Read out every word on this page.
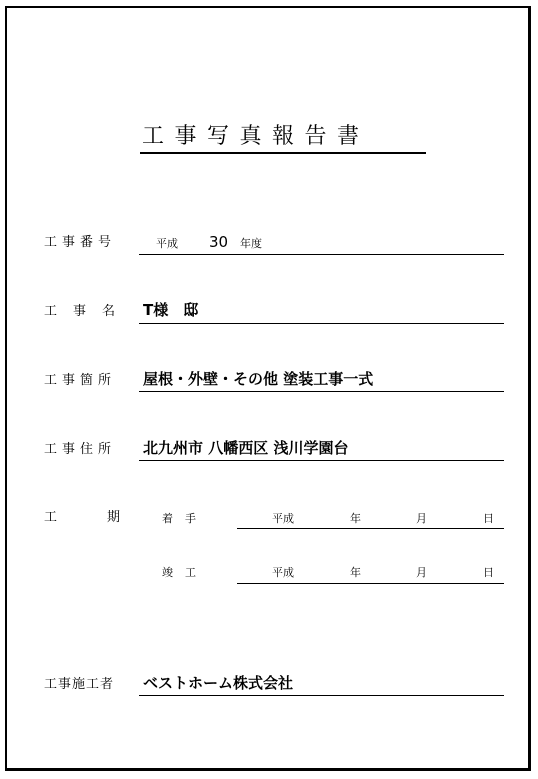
工事写真報告書
工事番号	平成 30 年度
工事名 T様　邸
工事箇所 屋根・外壁・その他 塗装工事一式
工事住所 北九州市 八幡西区 浅川学園台
工期
着手	平成	年	月	日
竣工	平成	年	月	日
工事施工者 ベストホーム株式会社
